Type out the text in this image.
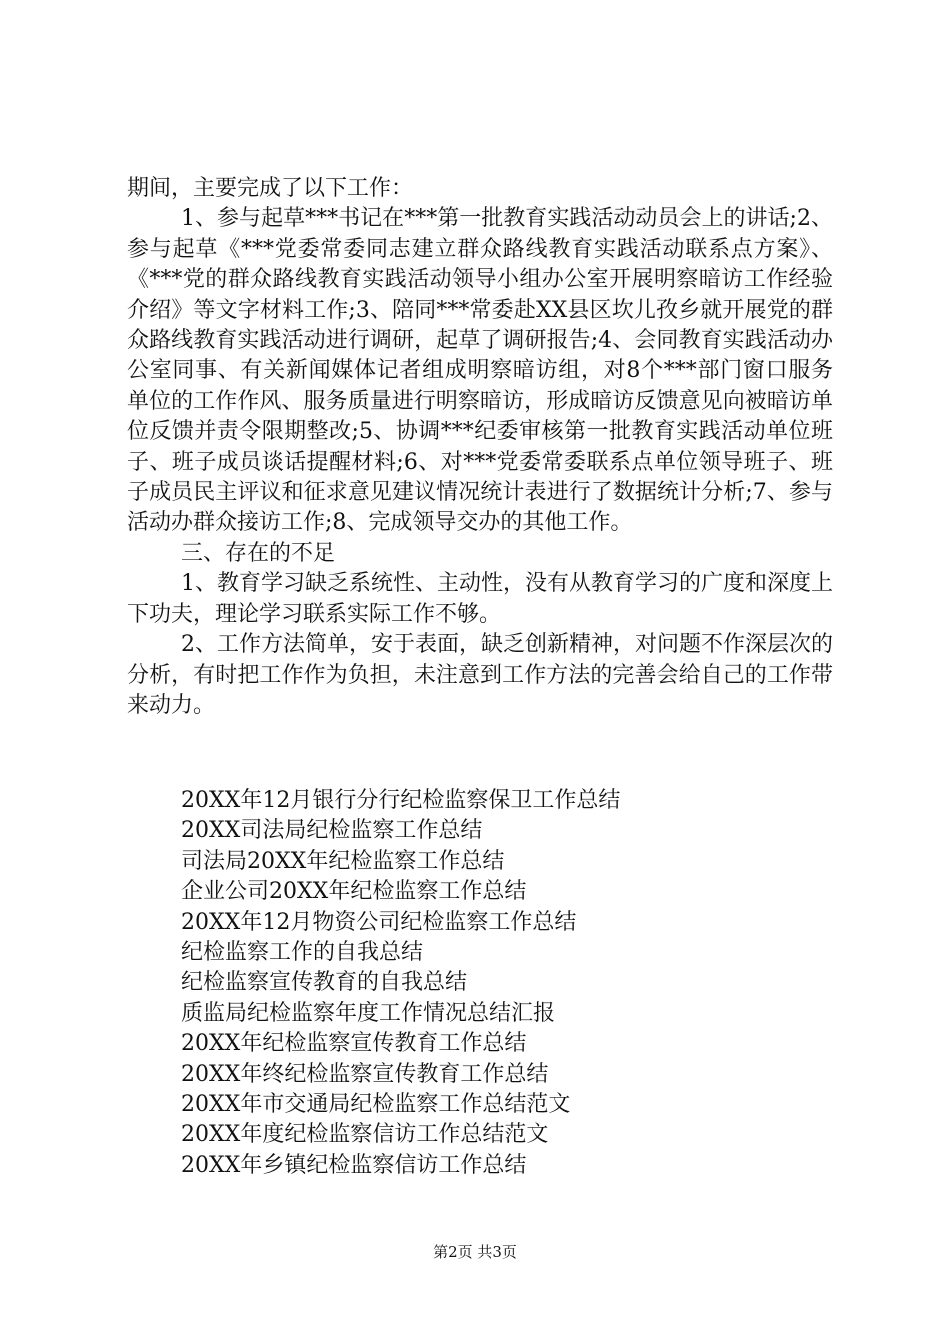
期间，主要完成了以下工作：

1、参与起草***书记在***第一批教育实践活动动员会上的讲话;2、参与起草《***党委常委同志建立群众路线教育实践活动联系点方案》、《***党的群众路线教育实践活动领导小组办公室开展明察暗访工作经验介绍》等文字材料工作;3、陪同***常委赴XX县区坎儿孜乡就开展党的群众路线教育实践活动进行调研，起草了调研报告;4、会同教育实践活动办公室同事、有关新闻媒体记者组成明察暗访组，对8个***部门窗口服务单位的工作作风、服务质量进行明察暗访，形成暗访反馈意见向被暗访单位反馈并责令限期整改;5、协调***纪委审核第一批教育实践活动单位班子、班子成员谈话提醒材料;6、对***党委常委联系点单位领导班子、班子成员民主评议和征求意见建议情况统计表进行了数据统计分析;7、参与活动办群众接访工作;8、完成领导交办的其他工作。

三、存在的不足

1、教育学习缺乏系统性、主动性，没有从教育学习的广度和深度上下功夫，理论学习联系实际工作不够。

2、工作方法简单，安于表面，缺乏创新精神，对问题不作深层次的分析，有时把工作作为负担，未注意到工作方法的完善会给自己的工作带来动力。

20XX年12月银行分行纪检监察保卫工作总结
20XX司法局纪检监察工作总结
司法局20XX年纪检监察工作总结
企业公司20XX年纪检监察工作总结
20XX年12月物资公司纪检监察工作总结
纪检监察工作的自我总结
纪检监察宣传教育的自我总结
质监局纪检监察年度工作情况总结汇报
20XX年纪检监察宣传教育工作总结
20XX年终纪检监察宣传教育工作总结
20XX年市交通局纪检监察工作总结范文
20XX年度纪检监察信访工作总结范文
20XX年乡镇纪检监察信访工作总结
第2页 共3页
